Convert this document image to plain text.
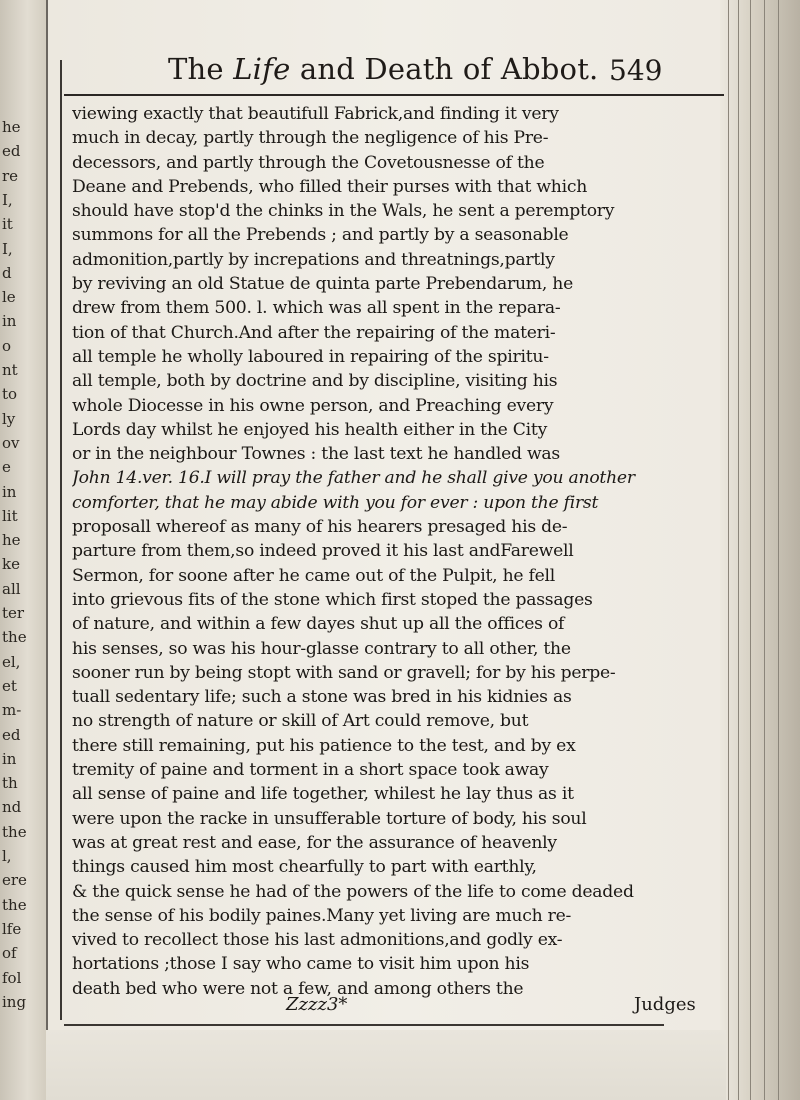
he
ed
re
I,
it
I,
d
le
in
o
nt
to
ly
ov
e
in
lit
he
ke
all
ter
the
el,
et
m-
ed
in
th
nd
the
l,
ere
the
lfe
of
fol
ing
The Life and Death of Abbot. 549
viewing exactly that beautifull Fabrick,and finding it very
much in decay, partly through the negligence of his Pre-
decessors, and partly through the Covetousnesse of the
Deane and Prebends, who filled their purses with that which
should have stop'd the chinks in the Wals, he sent a peremptory
summons for all the Prebends ; and partly by a seasonable
admonition,partly by increpations and threatnings,partly
by reviving an old Statue de quinta parte Prebendarum, he
drew from them 500. l. which was all spent in the repara-
tion of that Church.And after the repairing of the materi-
all temple he wholly laboured in repairing of the spiritu-
all temple, both by doctrine and by discipline, visiting his
whole Diocesse in his owne person, and Preaching every
Lords day whilst he enjoyed his health either in the City
or in the neighbour Townes : the last text he handled was
John 14.ver. 16.I will pray the father and he shall give you another
comforter, that he may abide with you for ever : upon the first
proposall whereof as many of his hearers presaged his de-
parture from them,so indeed proved it his last andFarewell
Sermon, for soone after he came out of the Pulpit, he fell
into grievous fits of the stone which first stoped the passages
of nature, and within a few dayes shut up all the offices of
his senses, so was his hour-glasse contrary to all other, the
sooner run by being stopt with sand or gravell; for by his perpe-
tuall sedentary life; such a stone was bred in his kidnies as
no strength of nature or skill of Art could remove, but
there still remaining, put his patience to the test, and by ex
tremity of paine and torment in a short space took away
all sense of paine and life together, whilest he lay thus as it
were upon the racke in unsufferable torture of body, his soul
was at great rest and ease, for the assurance of heavenly
things caused him most chearfully to part with earthly,
& the quick sense he had of the powers of the life to come deaded
the sense of his bodily paines.Many yet living are much re-
vived to recollect those his last admonitions,and godly ex-
hortations ;those I say who came to visit him upon his
death bed who were not a few, and among others the
Zzzz3*	Judges
